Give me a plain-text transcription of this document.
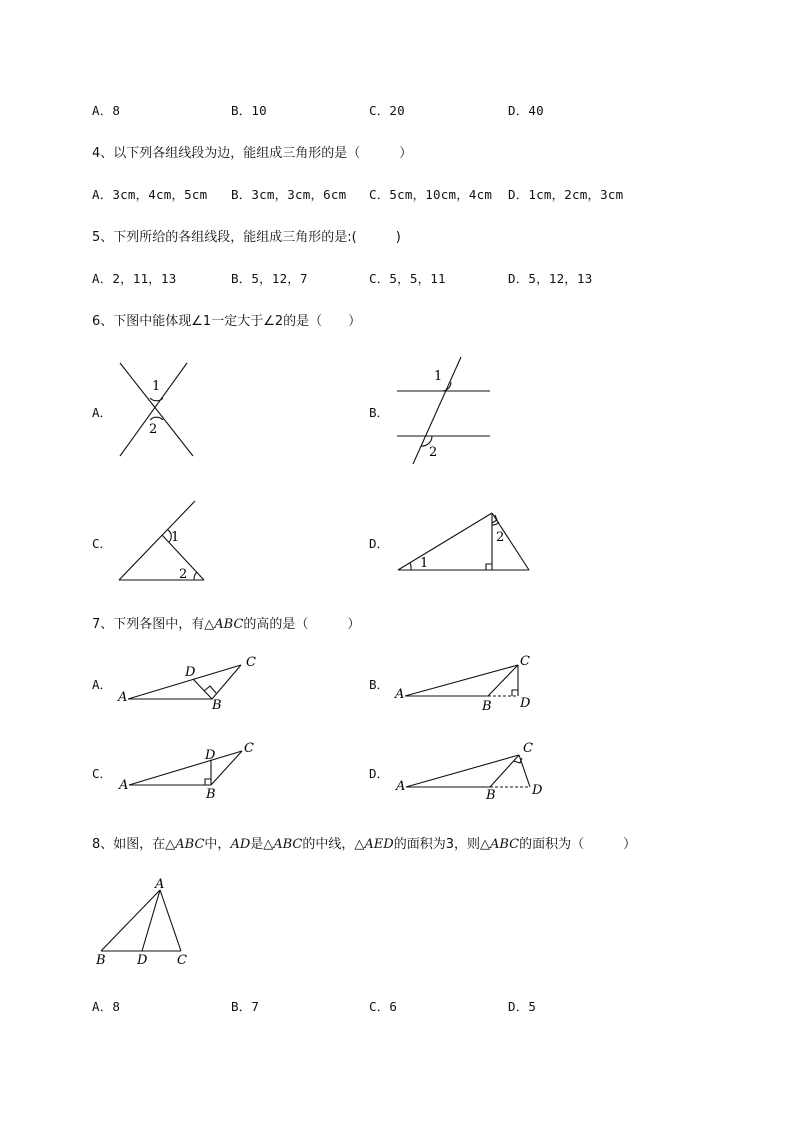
A．8	B．10	C．20	D．40
4、以下列各组线段为边，能组成三角形的是（　　　）
A．3cm，4cm，5cm B．3cm，3cm，6cm C．5cm，10cm，4cm D．1cm，2cm，3cm
5、下列所给的各组线段，能组成三角形的是:(　　　)
A．2，11，13	B．5，12，7	C．5，5，11	D．5，12，13
6、下图中能体现∠1一定大于∠2的是（　　）
A．
1
2
B．
1
2
C．	1
2
D．
1
2
7、下列各图中，有△ABC的高的是（　　　）
A．
D
C
A
B
B．
C
A
B D
C．
D C
A
B
D．
C
A
B	D
8、如图，在△ABC中，AD是△ABC的中线，△AED的面积为3，则△ABC的面积为（　　　）
A
B D C
A．8	B．7	C．6	D．5
